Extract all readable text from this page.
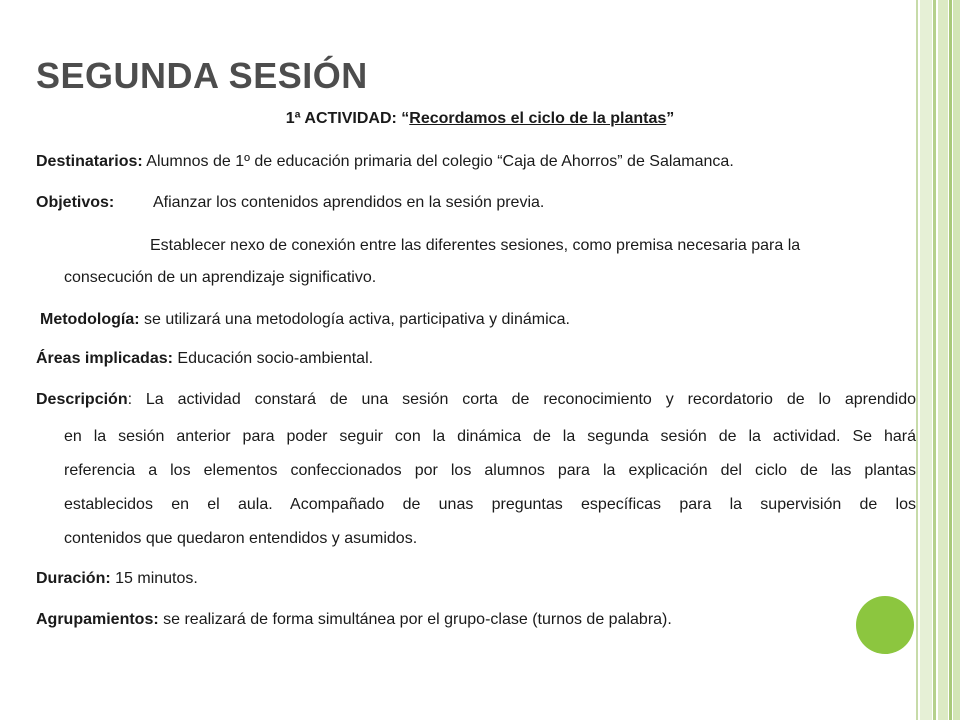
SEGUNDA SESIÓN
1ª ACTIVIDAD: “Recordamos el ciclo de la plantas”
Destinatarios: Alumnos de 1º de educación primaria del colegio “Caja de Ahorros” de Salamanca.
Objetivos: Afianzar los contenidos aprendidos en la sesión previa.
Establecer nexo de conexión entre las diferentes sesiones, como premisa necesaria para la
consecución de un aprendizaje significativo.
Metodología: se utilizará una metodología activa, participativa y dinámica.
Áreas implicadas: Educación socio-ambiental.
Descripción: La actividad constará de una sesión corta de reconocimiento y recordatorio de lo aprendido
en la sesión anterior para poder seguir con la dinámica de la segunda sesión de la actividad. Se hará
referencia a los elementos confeccionados por los alumnos para la explicación del ciclo de las plantas
establecidos en el aula. Acompañado de unas preguntas específicas para la supervisión de los
contenidos que quedaron entendidos y asumidos.
Duración: 15 minutos.
Agrupamientos: se realizará de forma simultánea por el grupo-clase (turnos de palabra).
